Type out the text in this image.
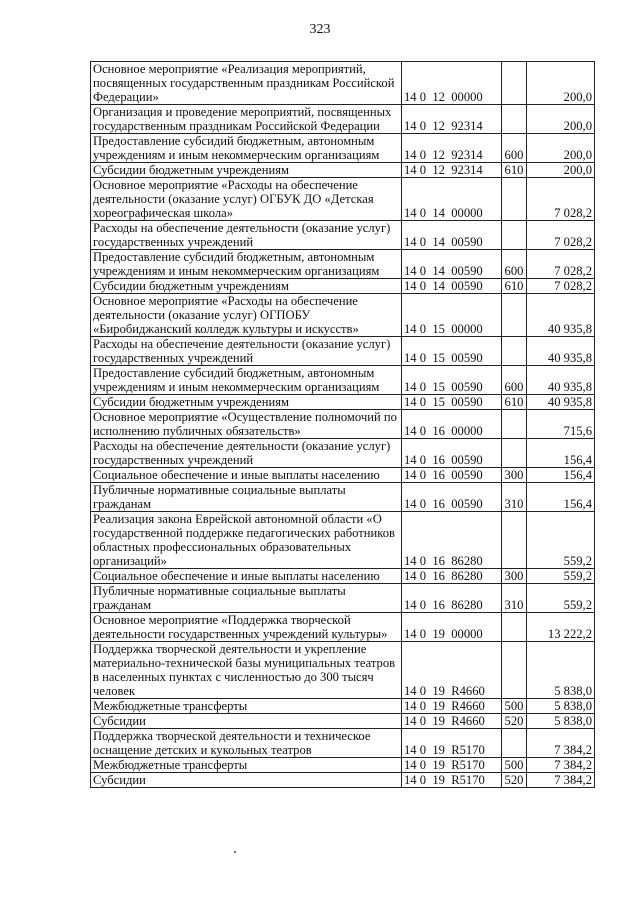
323
Основное мероприятие «Реализация мероприятий, посвященных государственным праздникам Российской Федерации»	14 0  12  00000		200,0
Организация и проведение мероприятий, посвященных государственным праздникам Российской Федерации	14 0  12  92314		200,0
Предоставление субсидий бюджетным, автономным учреждениям и иным некоммерческим организациям	14 0  12  92314	600	200,0
Субсидии бюджетным учреждениям	14 0  12  92314	610	200,0
Основное мероприятие «Расходы на обеспечение деятельности (оказание услуг) ОГБУК ДО «Детская хореографическая школа»	14 0  14  00000		7 028,2
Расходы на обеспечение деятельности (оказание услуг) государственных учреждений	14 0  14  00590		7 028,2
Предоставление субсидий бюджетным, автономным учреждениям и иным некоммерческим организациям	14 0  14  00590	600	7 028,2
Субсидии бюджетным учреждениям	14 0  14  00590	610	7 028,2
Основное мероприятие «Расходы на обеспечение деятельности (оказание услуг) ОГПОБУ «Биробиджанский колледж культуры и искусств»	14 0  15  00000		40 935,8
Расходы на обеспечение деятельности (оказание услуг) государственных учреждений	14 0  15  00590		40 935,8
Предоставление субсидий бюджетным, автономным учреждениям и иным некоммерческим организациям	14 0  15  00590	600	40 935,8
Субсидии бюджетным учреждениям	14 0  15  00590	610	40 935,8
Основное мероприятие «Осуществление полномочий по исполнению публичных обязательств»	14 0  16  00000		715,6
Расходы на обеспечение деятельности (оказание услуг) государственных учреждений	14 0  16  00590		156,4
Социальное обеспечение и иные выплаты населению	14 0  16  00590	300	156,4
Публичные нормативные социальные выплаты гражданам	14 0  16  00590	310	156,4
Реализация закона Еврейской автономной области «О государственной поддержке педагогических работников областных профессиональных образовательных организаций»	14 0  16  86280		559,2
Социальное обеспечение и иные выплаты населению	14 0  16  86280	300	559,2
Публичные нормативные социальные выплаты гражданам	14 0  16  86280	310	559,2
Основное мероприятие «Поддержка творческой деятельности государственных учреждений культуры»	14 0  19  00000		13 222,2
Поддержка творческой деятельности и укрепление материально-технической базы муниципальных театров в населенных пунктах с численностью до 300 тысяч человек	14 0  19  R4660		5 838,0
Межбюджетные трансферты	14 0  19  R4660	500	5 838,0
Субсидии	14 0  19  R4660	520	5 838,0
Поддержка творческой деятельности и техническое оснащение детских и кукольных театров	14 0  19  R5170		7 384,2
Межбюджетные трансферты	14 0  19  R5170	500	7 384,2
Субсидии	14 0  19  R5170	520	7 384,2
